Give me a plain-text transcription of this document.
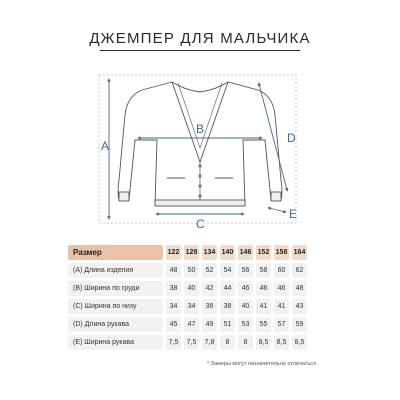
ДЖЕМПЕР ДЛЯ МАЛЬЧИКА
A
B
C
D
E
Размер	122	128	134	140	146	152	158	164
(A) Длина изделия	48	50	52	54	56	58	60	62
(B) Ширина по груди	38	40	42	44	46	46	46	48
(C) Ширина по низу	34	34	36	38	40	41	41	43
(D) Длина рукава	45	47	49	51	53	55	57	59
(E) Ширина рукава	7,5	7,5	7,8	8	8	8,5	8,5	8,5
* Замеры могут незначительно отличаться
